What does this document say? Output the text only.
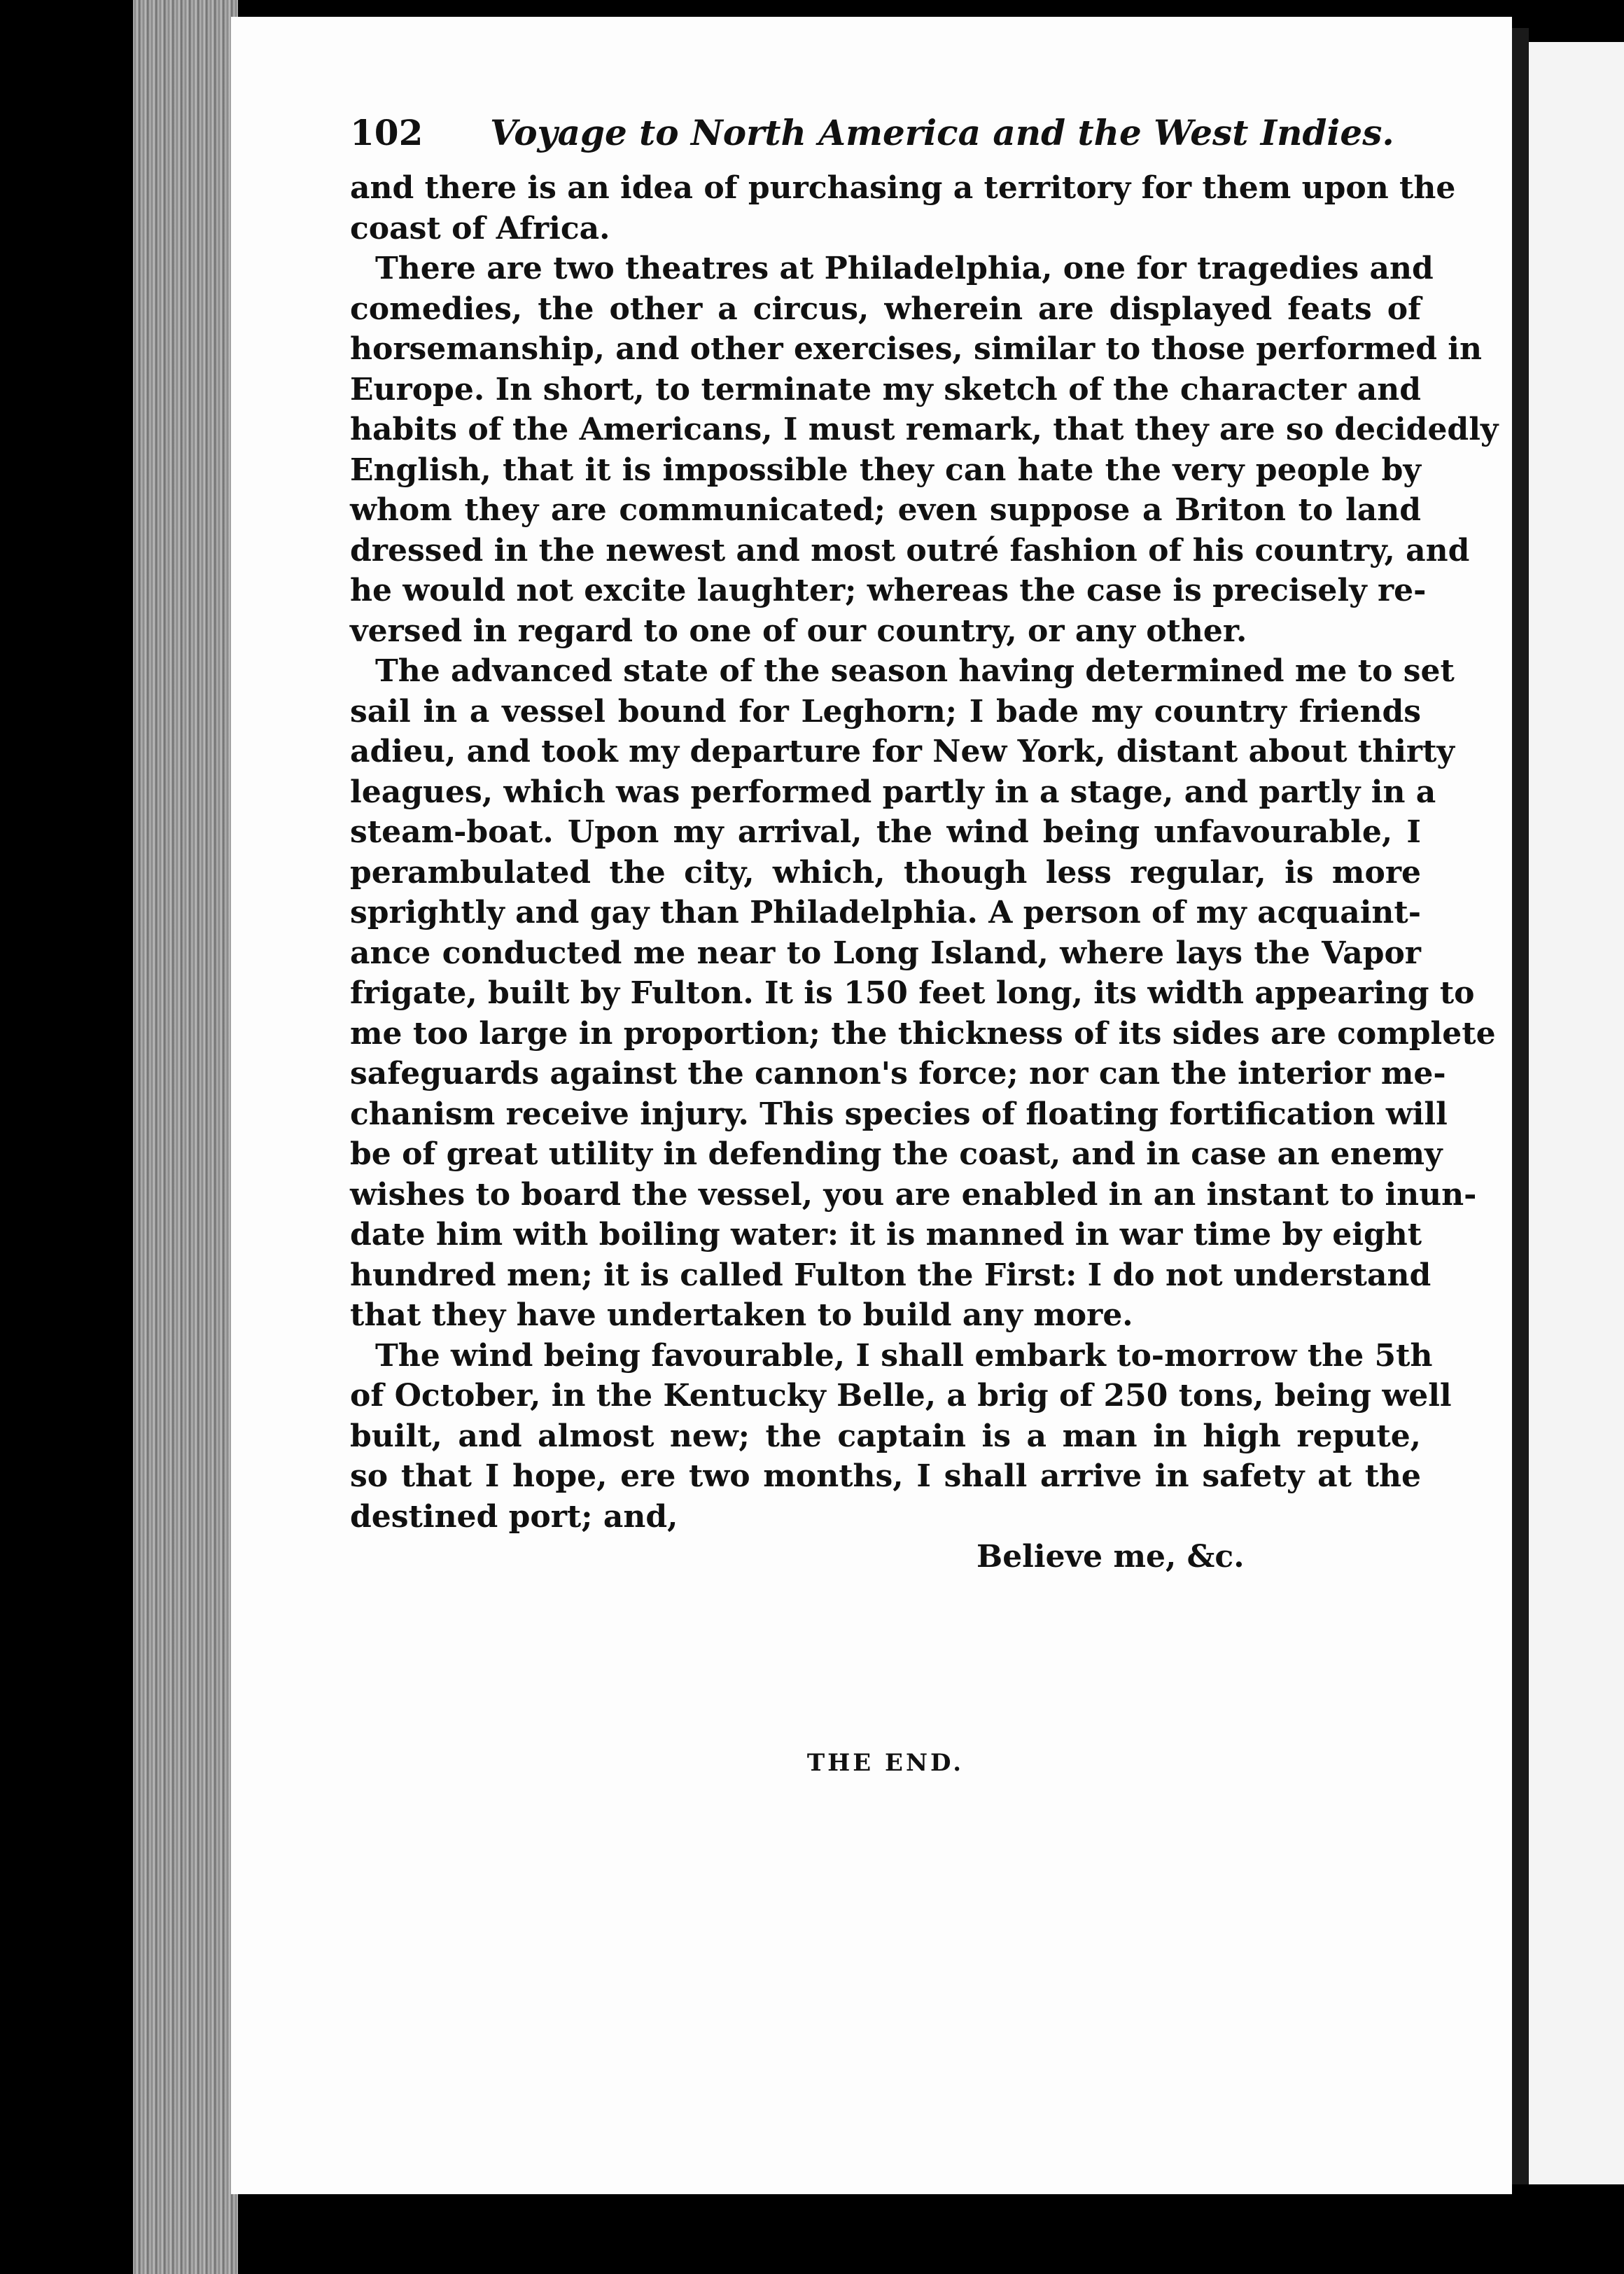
102	Voyage to North America and the West Indies.
and there is an idea of purchasing a territory for them upon the
coast of Africa.
There are two theatres at Philadelphia, one for tragedies and
comedies, the other a circus, wherein are displayed feats of
horsemanship, and other exercises, similar to those performed in
Europe. In short, to terminate my sketch of the character and
habits of the Americans, I must remark, that they are so decidedly
English, that it is impossible they can hate the very people by
whom they are communicated; even suppose a Briton to land
dressed in the newest and most outré fashion of his country, and
he would not excite laughter; whereas the case is precisely re-
versed in regard to one of our country, or any other.
The advanced state of the season having determined me to set
sail in a vessel bound for Leghorn; I bade my country friends
adieu, and took my departure for New York, distant about thirty
leagues, which was performed partly in a stage, and partly in a
steam-boat. Upon my arrival, the wind being unfavourable, I
perambulated the city, which, though less regular, is more
sprightly and gay than Philadelphia. A person of my acquaint-
ance conducted me near to Long Island, where lays the Vapor
frigate, built by Fulton. It is 150 feet long, its width appearing to
me too large in proportion; the thickness of its sides are complete
safeguards against the cannon's force; nor can the interior me-
chanism receive injury. This species of floating fortification will
be of great utility in defending the coast, and in case an enemy
wishes to board the vessel, you are enabled in an instant to inun-
date him with boiling water: it is manned in war time by eight
hundred men; it is called Fulton the First: I do not understand
that they have undertaken to build any more.
The wind being favourable, I shall embark to-morrow the 5th
of October, in the Kentucky Belle, a brig of 250 tons, being well
built, and almost new; the captain is a man in high repute,
so that I hope, ere two months, I shall arrive in safety at the
destined port; and,
Believe me, &c.
THE END.
